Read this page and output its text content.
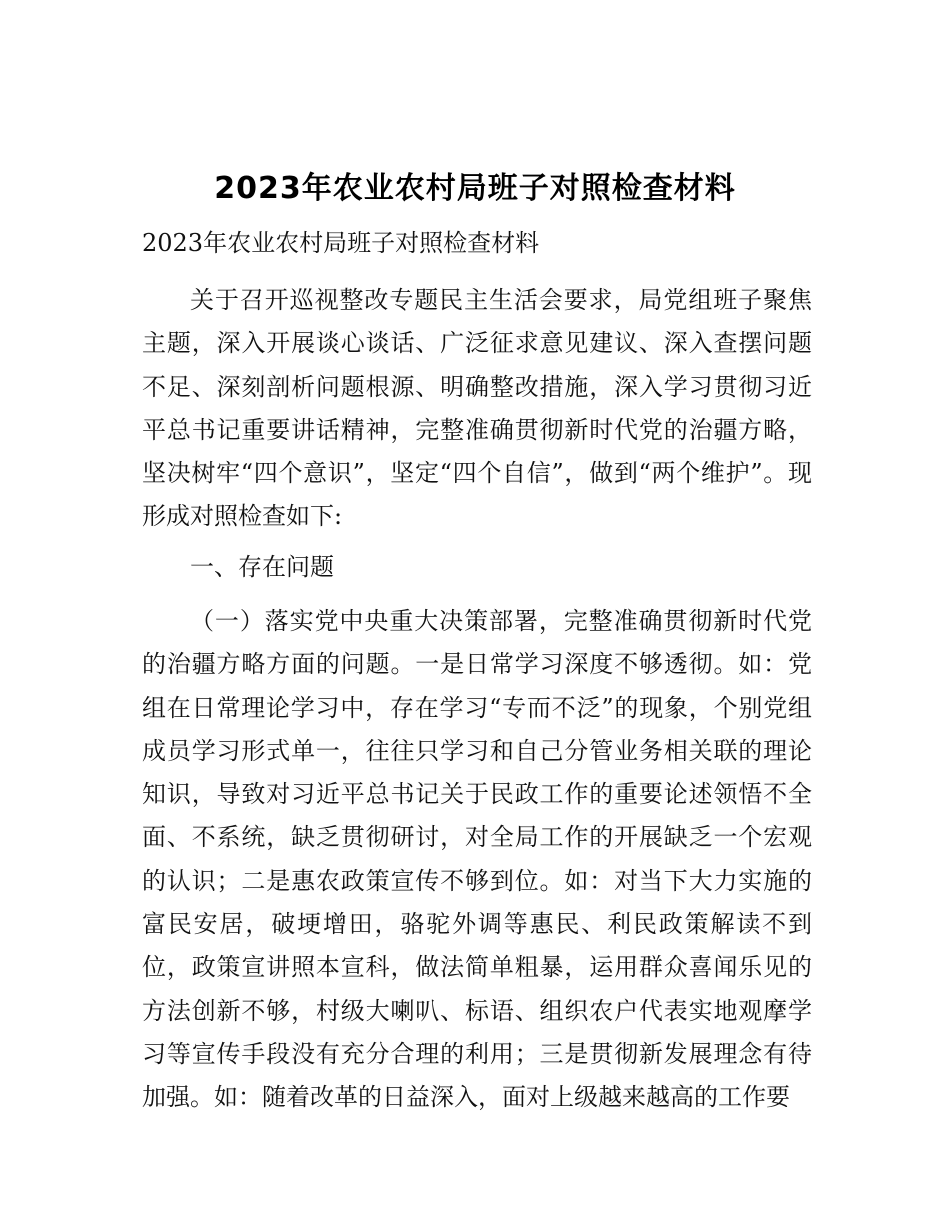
2023年农业农村局班子对照检查材料

2023年农业农村局班子对照检查材料

关于召开巡视整改专题民主生活会要求，局党组班子聚焦主题，深入开展谈心谈话、广泛征求意见建议、深入查摆问题不足、深刻剖析问题根源、明确整改措施，深入学习贯彻习近平总书记重要讲话精神，完整准确贯彻新时代党的治疆方略，坚决树牢“四个意识”，坚定“四个自信”，做到“两个维护”。现形成对照检查如下:

一、存在问题

（一）落实党中央重大决策部署，完整准确贯彻新时代党的治疆方略方面的问题。一是日常学习深度不够透彻。如：党组在日常理论学习中，存在学习“专而不泛”的现象，个别党组成员学习形式单一，往往只学习和自己分管业务相关联的理论知识，导致对习近平总书记关于民政工作的重要论述领悟不全面、不系统，缺乏贯彻研讨，对全局工作的开展缺乏一个宏观的认识；二是惠农政策宣传不够到位。如：对当下大力实施的富民安居，破埂增田，骆驼外调等惠民、利民政策解读不到位，政策宣讲照本宣科，做法简单粗暴，运用群众喜闻乐见的方法创新不够，村级大喇叭、标语、组织农户代表实地观摩学习等宣传手段没有充分合理的利用；三是贯彻新发展理念有待加强。如：随着改革的日益深入，面对上级越来越高的工作要
